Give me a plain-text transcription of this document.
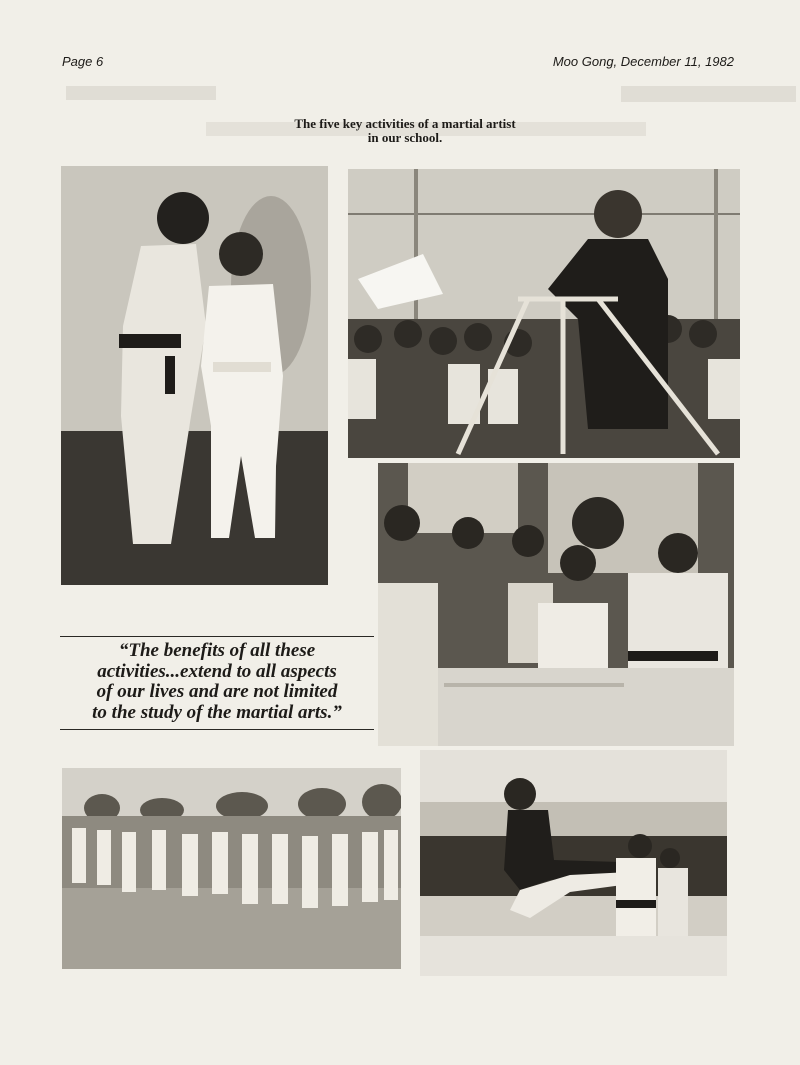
Page 6	Moo Gong, December 11, 1982
The five key activities of a martial artist
in our school.
“The benefits of all these
activities...extend to all aspects
of our lives and are not limited
to the study of the martial arts.”
